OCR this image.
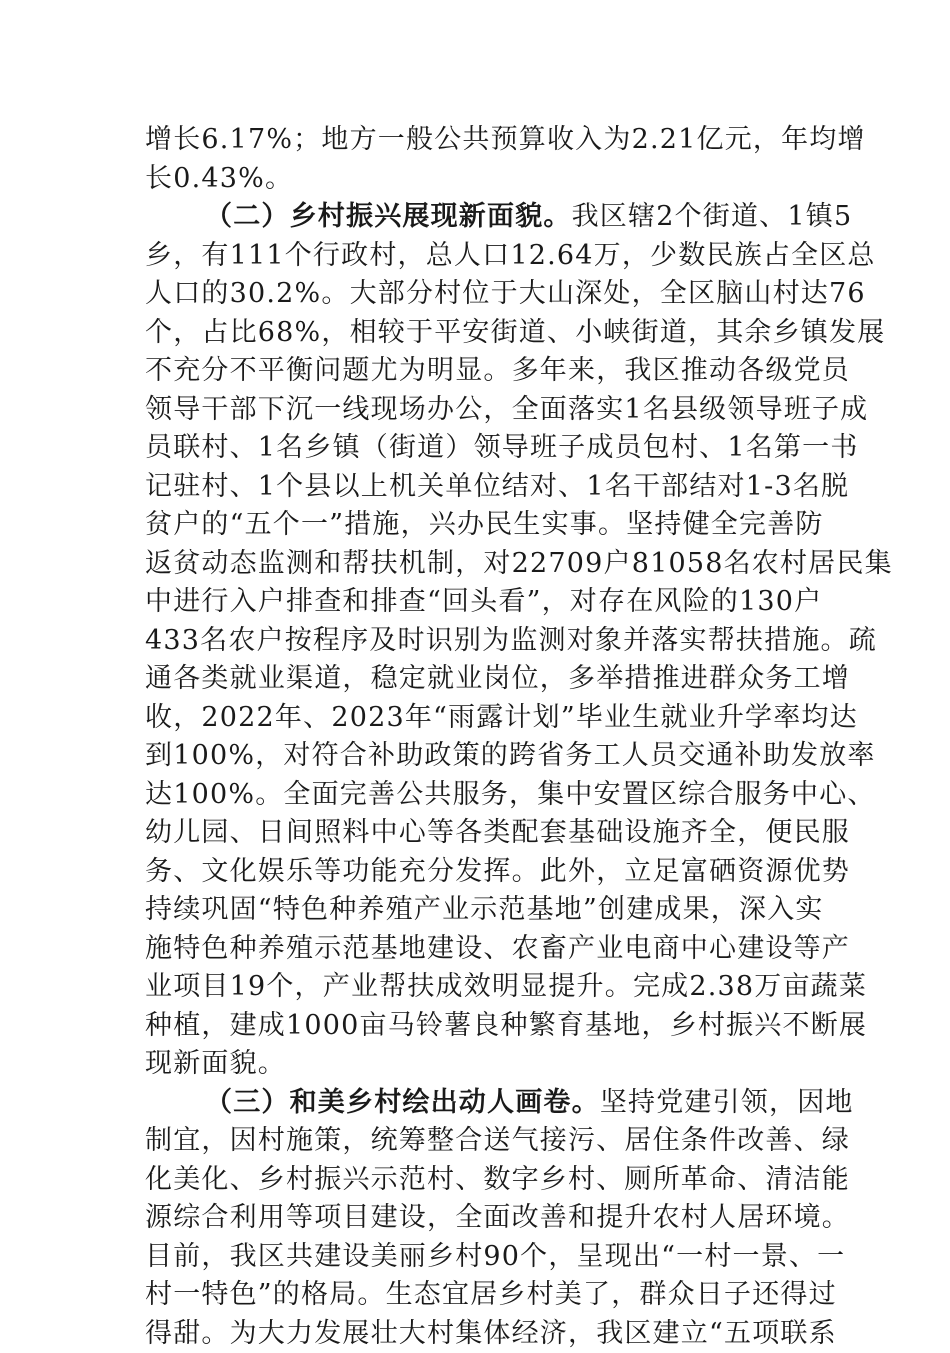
增长6.17%；地方一般公共预算收入为2.21亿元，年均增
长0.43%。
（二）乡村振兴展现新面貌。我区辖2个街道、1镇5
乡，有111个行政村，总人口12.64万，少数民族占全区总
人口的30.2%。大部分村位于大山深处，全区脑山村达76
个，占比68%，相较于平安街道、小峡街道，其余乡镇发展
不充分不平衡问题尤为明显。多年来，我区推动各级党员
领导干部下沉一线现场办公，全面落实1名县级领导班子成
员联村、1名乡镇（街道）领导班子成员包村、1名第一书
记驻村、1个县以上机关单位结对、1名干部结对1-3名脱
贫户的“五个一”措施，兴办民生实事。坚持健全完善防
返贫动态监测和帮扶机制，对22709户81058名农村居民集
中进行入户排查和排查“回头看”，对存在风险的130户
433名农户按程序及时识别为监测对象并落实帮扶措施。疏
通各类就业渠道，稳定就业岗位，多举措推进群众务工增
收，2022年、2023年“雨露计划”毕业生就业升学率均达
到100%，对符合补助政策的跨省务工人员交通补助发放率
达100%。全面完善公共服务，集中安置区综合服务中心、
幼儿园、日间照料中心等各类配套基础设施齐全，便民服
务、文化娱乐等功能充分发挥。此外，立足富硒资源优势
持续巩固“特色种养殖产业示范基地”创建成果，深入实
施特色种养殖示范基地建设、农畜产业电商中心建设等产
业项目19个，产业帮扶成效明显提升。完成2.38万亩蔬菜
种植，建成1000亩马铃薯良种繁育基地，乡村振兴不断展
现新面貌。
（三）和美乡村绘出动人画卷。坚持党建引领，因地
制宜，因村施策，统筹整合送气接污、居住条件改善、绿
化美化、乡村振兴示范村、数字乡村、厕所革命、清洁能
源综合利用等项目建设，全面改善和提升农村人居环境。
目前，我区共建设美丽乡村90个，呈现出“一村一景、一
村一特色”的格局。生态宜居乡村美了，群众日子还得过
得甜。为大力发展壮大村集体经济，我区建立“五项联系
